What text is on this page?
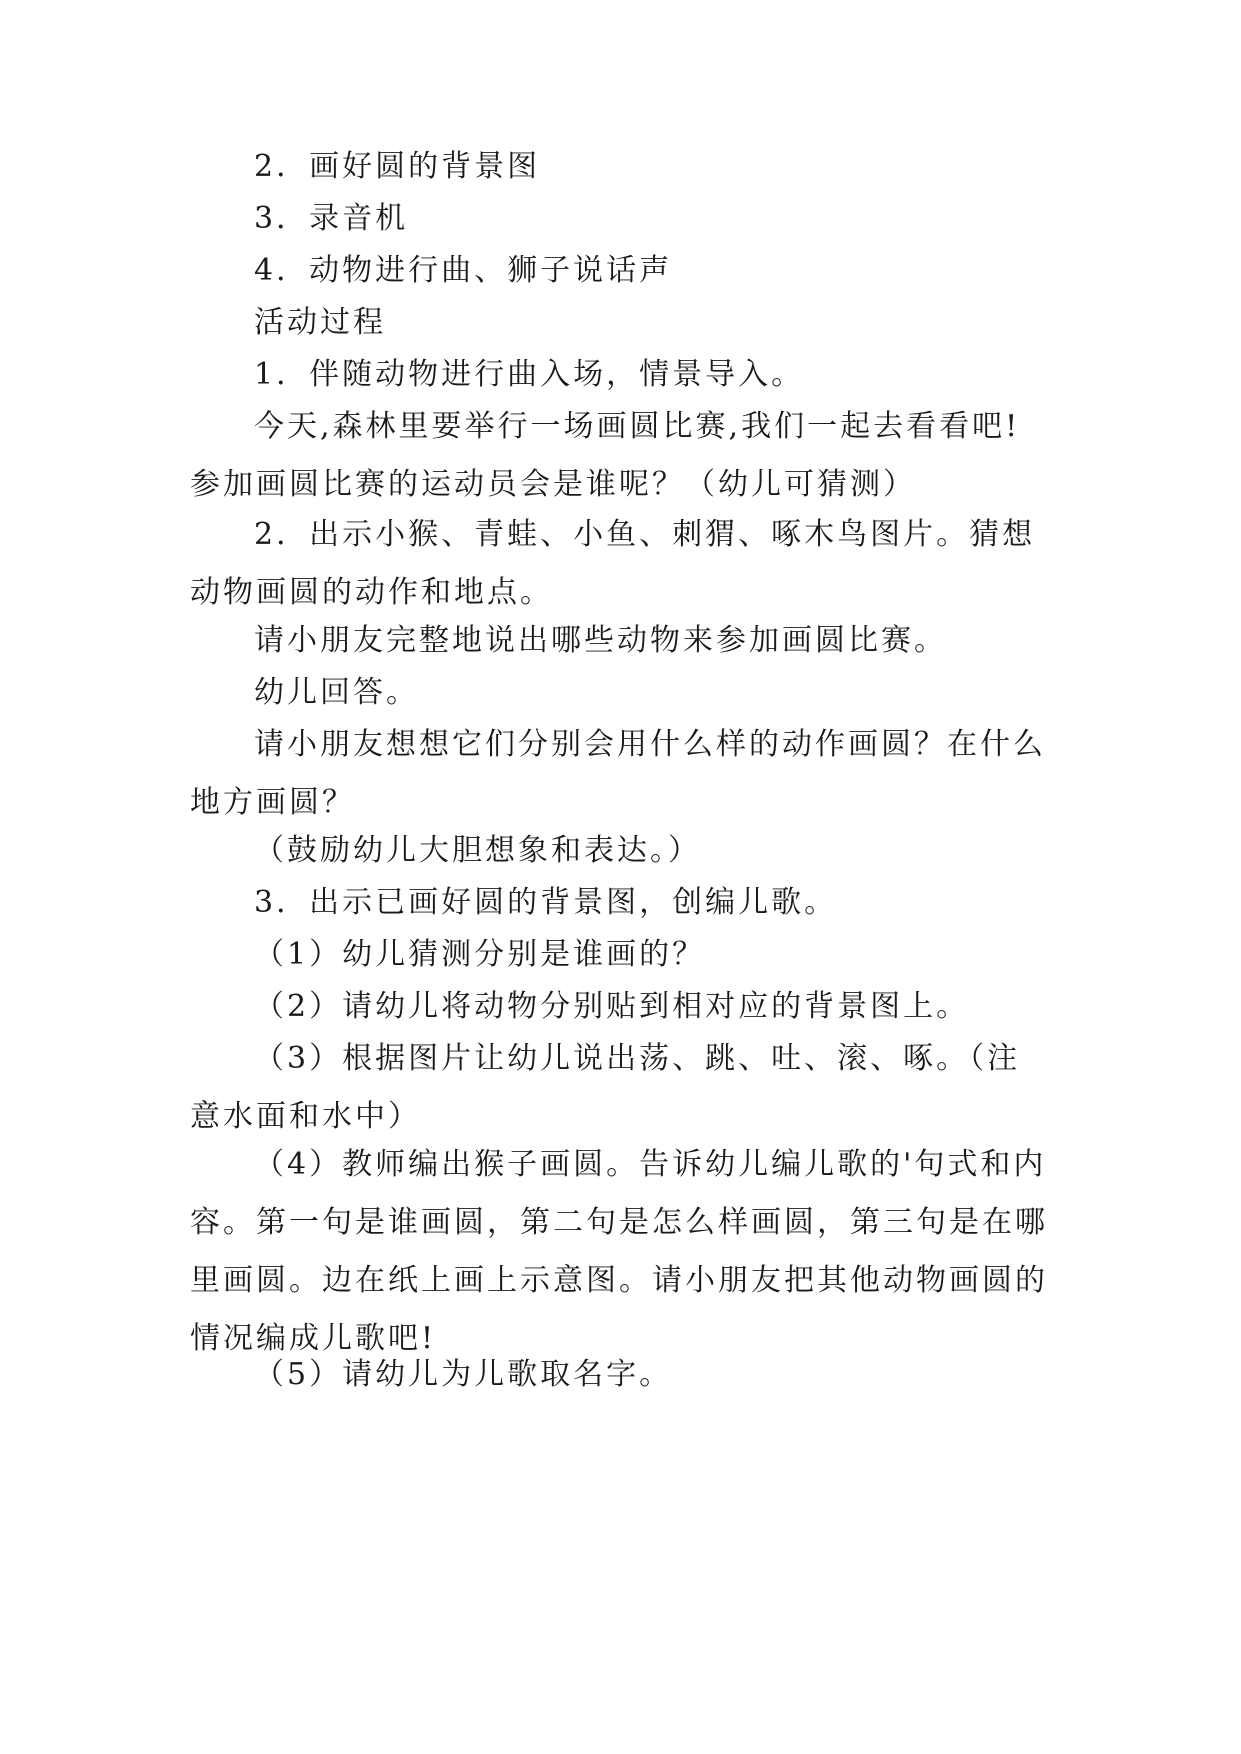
2．画好圆的背景图

3．录音机

4．动物进行曲、狮子说话声

活动过程

1．伴随动物进行曲入场，情景导入。

今天,森林里要举行一场画圆比赛,我们一起去看看吧!参加画圆比赛的运动员会是谁呢？（幼儿可猜测）

2．出示小猴、青蛙、小鱼、刺猬、啄木鸟图片。猜想动物画圆的动作和地点。

请小朋友完整地说出哪些动物来参加画圆比赛。

幼儿回答。

请小朋友想想它们分别会用什么样的动作画圆？在什么地方画圆？

（鼓励幼儿大胆想象和表达。）

3．出示已画好圆的背景图，创编儿歌。

（1）幼儿猜测分别是谁画的？

（2）请幼儿将动物分别贴到相对应的背景图上。

（3）根据图片让幼儿说出荡、跳、吐、滚、啄。（注意水面和水中）

（4）教师编出猴子画圆。告诉幼儿编儿歌的'句式和内容。第一句是谁画圆，第二句是怎么样画圆，第三句是在哪里画圆。边在纸上画上示意图。请小朋友把其他动物画圆的情况编成儿歌吧!

（5）请幼儿为儿歌取名字。
